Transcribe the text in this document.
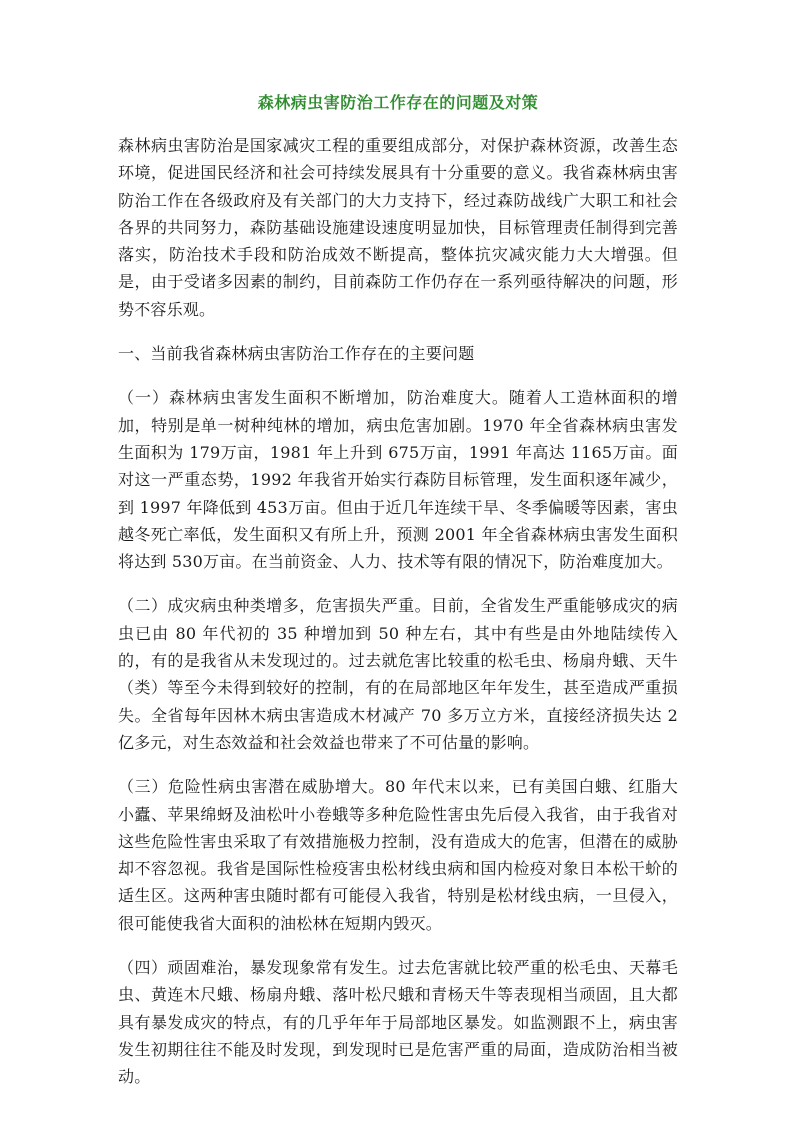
森林病虫害防治工作存在的问题及对策

森林病虫害防治是国家减灾工程的重要组成部分，对保护森林资源，改善生态环境，促进国民经济和社会可持续发展具有十分重要的意义。我省森林病虫害防治工作在各级政府及有关部门的大力支持下，经过森防战线广大职工和社会各界的共同努力，森防基础设施建设速度明显加快，目标管理责任制得到完善落实，防治技术手段和防治成效不断提高，整体抗灾减灾能力大大增强。但是，由于受诸多因素的制约，目前森防工作仍存在一系列亟待解决的问题，形势不容乐观。

一、当前我省森林病虫害防治工作存在的主要问题

（一）森林病虫害发生面积不断增加，防治难度大。随着人工造林面积的增加，特别是单一树种纯林的增加，病虫危害加剧。1970 年全省森林病虫害发生面积为 179万亩，1981 年上升到 675万亩，1991 年高达 1165万亩。面对这一严重态势，1992 年我省开始实行森防目标管理，发生面积逐年减少，到 1997 年降低到 453万亩。但由于近几年连续干旱、冬季偏暖等因素，害虫越冬死亡率低，发生面积又有所上升，预测 2001 年全省森林病虫害发生面积将达到 530万亩。在当前资金、人力、技术等有限的情况下，防治难度加大。

（二）成灾病虫种类增多，危害损失严重。目前，全省发生严重能够成灾的病虫已由 80 年代初的 35 种增加到 50 种左右，其中有些是由外地陆续传入的，有的是我省从未发现过的。过去就危害比较重的松毛虫、杨扇舟蛾、天牛（类）等至今未得到较好的控制，有的在局部地区年年发生，甚至造成严重损失。全省每年因林木病虫害造成木材减产 70 多万立方米，直接经济损失达 2 亿多元，对生态效益和社会效益也带来了不可估量的影响。

（三）危险性病虫害潜在威胁增大。80 年代末以来，已有美国白蛾、红脂大小蠹、苹果绵蚜及油松叶小卷蛾等多种危险性害虫先后侵入我省，由于我省对这些危险性害虫采取了有效措施极力控制，没有造成大的危害，但潜在的威胁却不容忽视。我省是国际性检疫害虫松材线虫病和国内检疫对象日本松干蚧的适生区。这两种害虫随时都有可能侵入我省，特别是松材线虫病，一旦侵入，很可能使我省大面积的油松林在短期内毁灭。

（四）顽固难治，暴发现象常有发生。过去危害就比较严重的松毛虫、天幕毛虫、黄连木尺蛾、杨扇舟蛾、落叶松尺蛾和青杨天牛等表现相当顽固，且大都具有暴发成灾的特点，有的几乎年年于局部地区暴发。如监测跟不上，病虫害发生初期往往不能及时发现，到发现时已是危害严重的局面，造成防治相当被动。
